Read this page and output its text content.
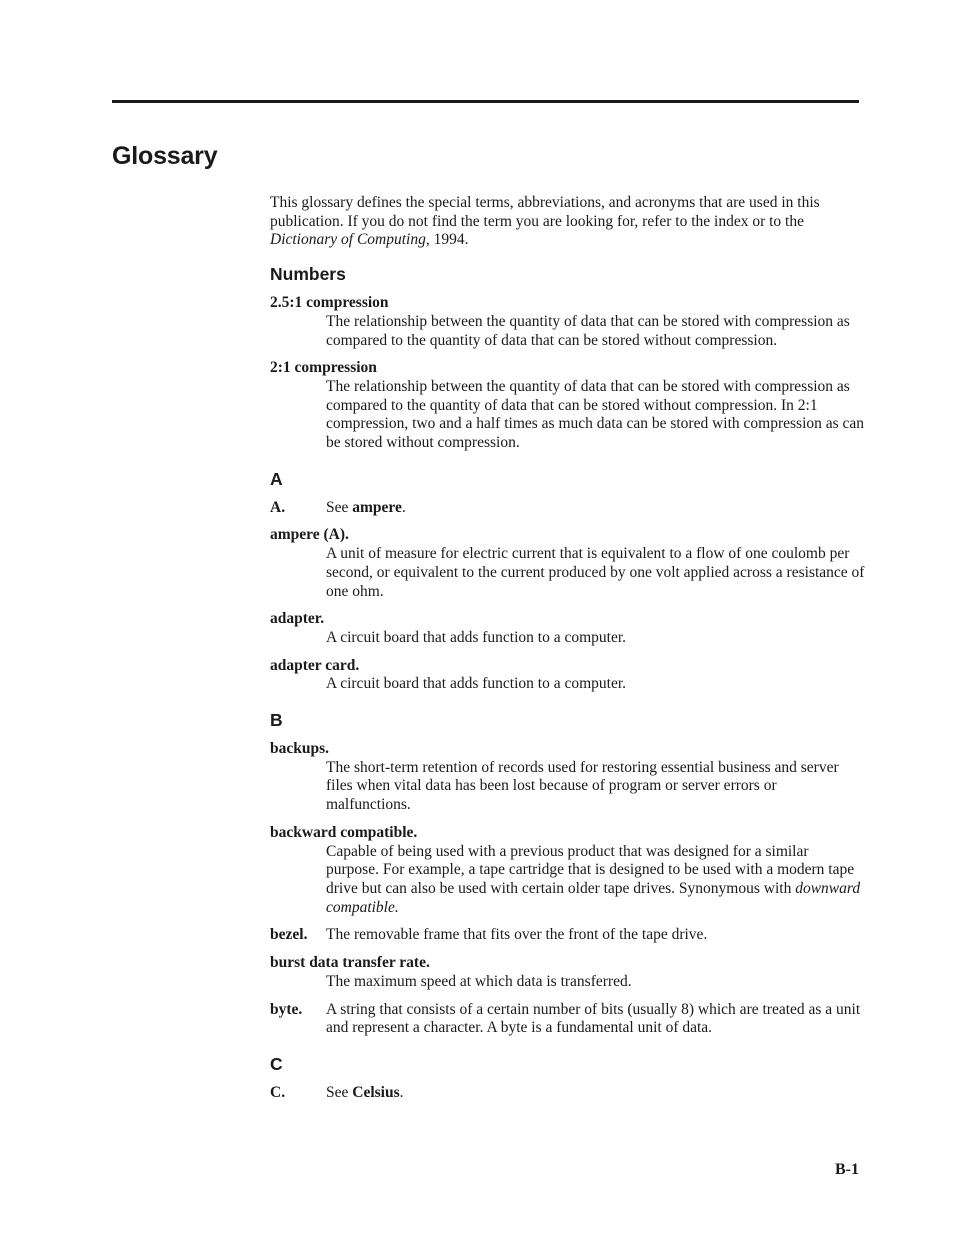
Glossary

This glossary defines the special terms, abbreviations, and acronyms that are used in this publication. If you do not find the term you are looking for, refer to the index or to the Dictionary of Computing, 1994.

Numbers
2.5:1 compression
The relationship between the quantity of data that can be stored with compression as compared to the quantity of data that can be stored without compression.
2:1 compression
The relationship between the quantity of data that can be stored with compression as compared to the quantity of data that can be stored without compression. In 2:1 compression, two and a half times as much data can be stored with compression as can be stored without compression.
A
A.	See ampere.
ampere (A).
A unit of measure for electric current that is equivalent to a flow of one coulomb per second, or equivalent to the current produced by one volt applied across a resistance of one ohm.
adapter.
A circuit board that adds function to a computer.
adapter card.
A circuit board that adds function to a computer.
B
backups.
The short-term retention of records used for restoring essential business and server files when vital data has been lost because of program or server errors or malfunctions.
backward compatible.
Capable of being used with a previous product that was designed for a similar purpose. For example, a tape cartridge that is designed to be used with a modern tape drive but can also be used with certain older tape drives. Synonymous with downward compatible.
bezel.	The removable frame that fits over the front of the tape drive.
burst data transfer rate.
The maximum speed at which data is transferred.
byte.	A string that consists of a certain number of bits (usually 8) which are treated as a unit and represent a character. A byte is a fundamental unit of data.
C
C.	See Celsius.
B-1
